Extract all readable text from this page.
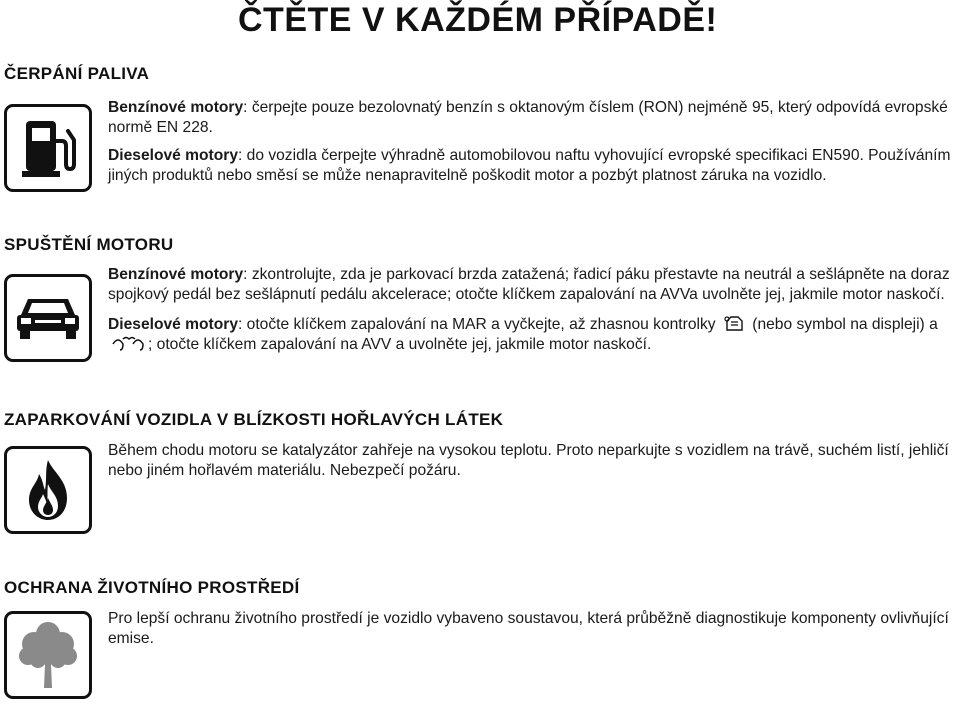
ČTĚTE V KAŽDÉM PŘÍPADĚ!
ČERPÁNÍ PALIVA

Benzínové motory: čerpejte pouze bezolovnatý benzín s oktanovým číslem (RON) nejméně 95, který odpovídá evropské normě EN 228.

Dieselové motory: do vozidla čerpejte výhradně automobilovou naftu vyhovující evropské specifikaci EN590. Používáním jiných produktů nebo směsí se může nenapravitelně poškodit motor a pozbýt platnost záruka na vozidlo.

SPUŠTĚNÍ MOTORU

Benzínové motory: zkontrolujte, zda je parkovací brzda zatažená; řadicí páku přestavte na neutrál a sešlápněte na doraz spojkový pedál bez sešlápnutí pedálu akcelerace; otočte klíčkem zapalování na AVVa uvolněte jej, jakmile motor naskočí.

Dieselové motory: otočte klíčkem zapalování na MAR a vyčkejte, až zhasnou kontrolky (nebo symbol na displeji) a ; otočte klíčkem zapalování na AVV a uvolněte jej, jakmile motor naskočí.

ZAPARKOVÁNÍ VOZIDLA V BLÍZKOSTI HOŘLAVÝCH LÁTEK

Během chodu motoru se katalyzátor zahřeje na vysokou teplotu. Proto neparkujte s vozidlem na trávě, suchém listí, jehličí nebo jiném hořlavém materiálu. Nebezpečí požáru.

OCHRANA ŽIVOTNÍHO PROSTŘEDÍ

Pro lepší ochranu životního prostředí je vozidlo vybaveno soustavou, která průběžně diagnostikuje komponenty ovlivňující emise.
